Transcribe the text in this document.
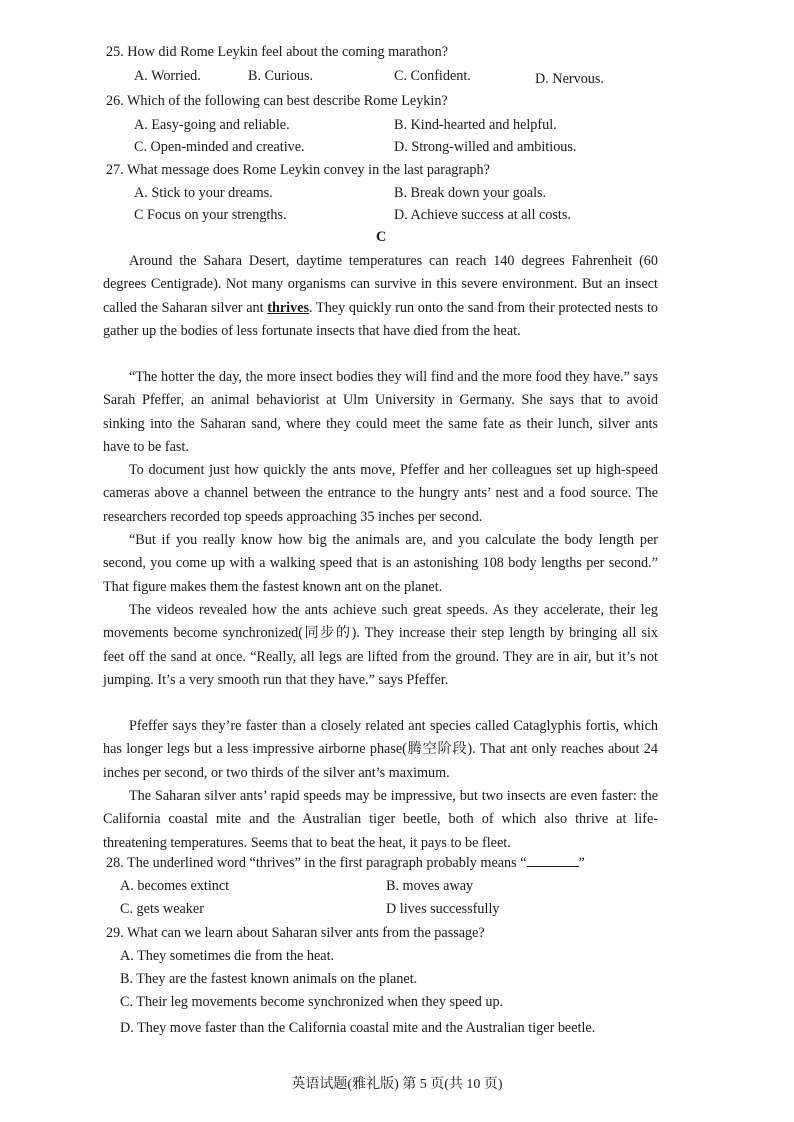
25. How did Rome Leykin feel about the coming marathon?
A. Worried.	B. Curious.	C. Confident.	D. Nervous.
26. Which of the following can best describe Rome Leykin?
A. Easy-going and reliable.	B. Kind-hearted and helpful.
C. Open-minded and creative.	D. Strong-willed and ambitious.
27. What message does Rome Leykin convey in the last paragraph?
A. Stick to your dreams.	B. Break down your goals.
C Focus on your strengths.	D. Achieve success at all costs.
C
Around the Sahara Desert, daytime temperatures can reach 140 degrees Fahrenheit (60 degrees Centigrade). Not many organisms can survive in this severe environment. But an insect called the Saharan silver ant thrives. They quickly run onto the sand from their protected nests to gather up the bodies of less fortunate insects that have died from the heat.
“The hotter the day, the more insect bodies they will find and the more food they have.” says Sarah Pfeffer, an animal behaviorist at Ulm University in Germany. She says that to avoid sinking into the Saharan sand, where they could meet the same fate as their lunch, silver ants have to be fast.
To document just how quickly the ants move, Pfeffer and her colleagues set up high-speed cameras above a channel between the entrance to the hungry ants’ nest and a food source. The researchers recorded top speeds approaching 35 inches per second.
“But if you really know how big the animals are, and you calculate the body length per second, you come up with a walking speed that is an astonishing 108 body lengths per second.” That figure makes them the fastest known ant on the planet.
The videos revealed how the ants achieve such great speeds. As they accelerate, their leg movements become synchronized(同步的). They increase their step length by bringing all six feet off the sand at once. “Really, all legs are lifted from the ground. They are in air, but it’s not jumping. It’s a very smooth run that they have.” says Pfeffer.
Pfeffer says they’re faster than a closely related ant species called Cataglyphis fortis, which has longer legs but a less impressive airborne phase(腾空阶段). That ant only reaches about 24 inches per second, or two thirds of the silver ant’s maximum.
The Saharan silver ants’ rapid speeds may be impressive, but two insects are even faster: the California coastal mite and the Australian tiger beetle, both of which also thrive at life-threatening temperatures. Seems that to beat the heat, it pays to be fleet.
28. The underlined word “thrives” in the first paragraph probably means “	”
A. becomes extinct	B. moves away
C. gets weaker	D lives successfully
29. What can we learn about Saharan silver ants from the passage?
A. They sometimes die from the heat.
B. They are the fastest known animals on the planet.
C. Their leg movements become synchronized when they speed up.
D. They move faster than the California coastal mite and the Australian tiger beetle.
英语试题(雅礼版) 第 5 页(共 10 页)
